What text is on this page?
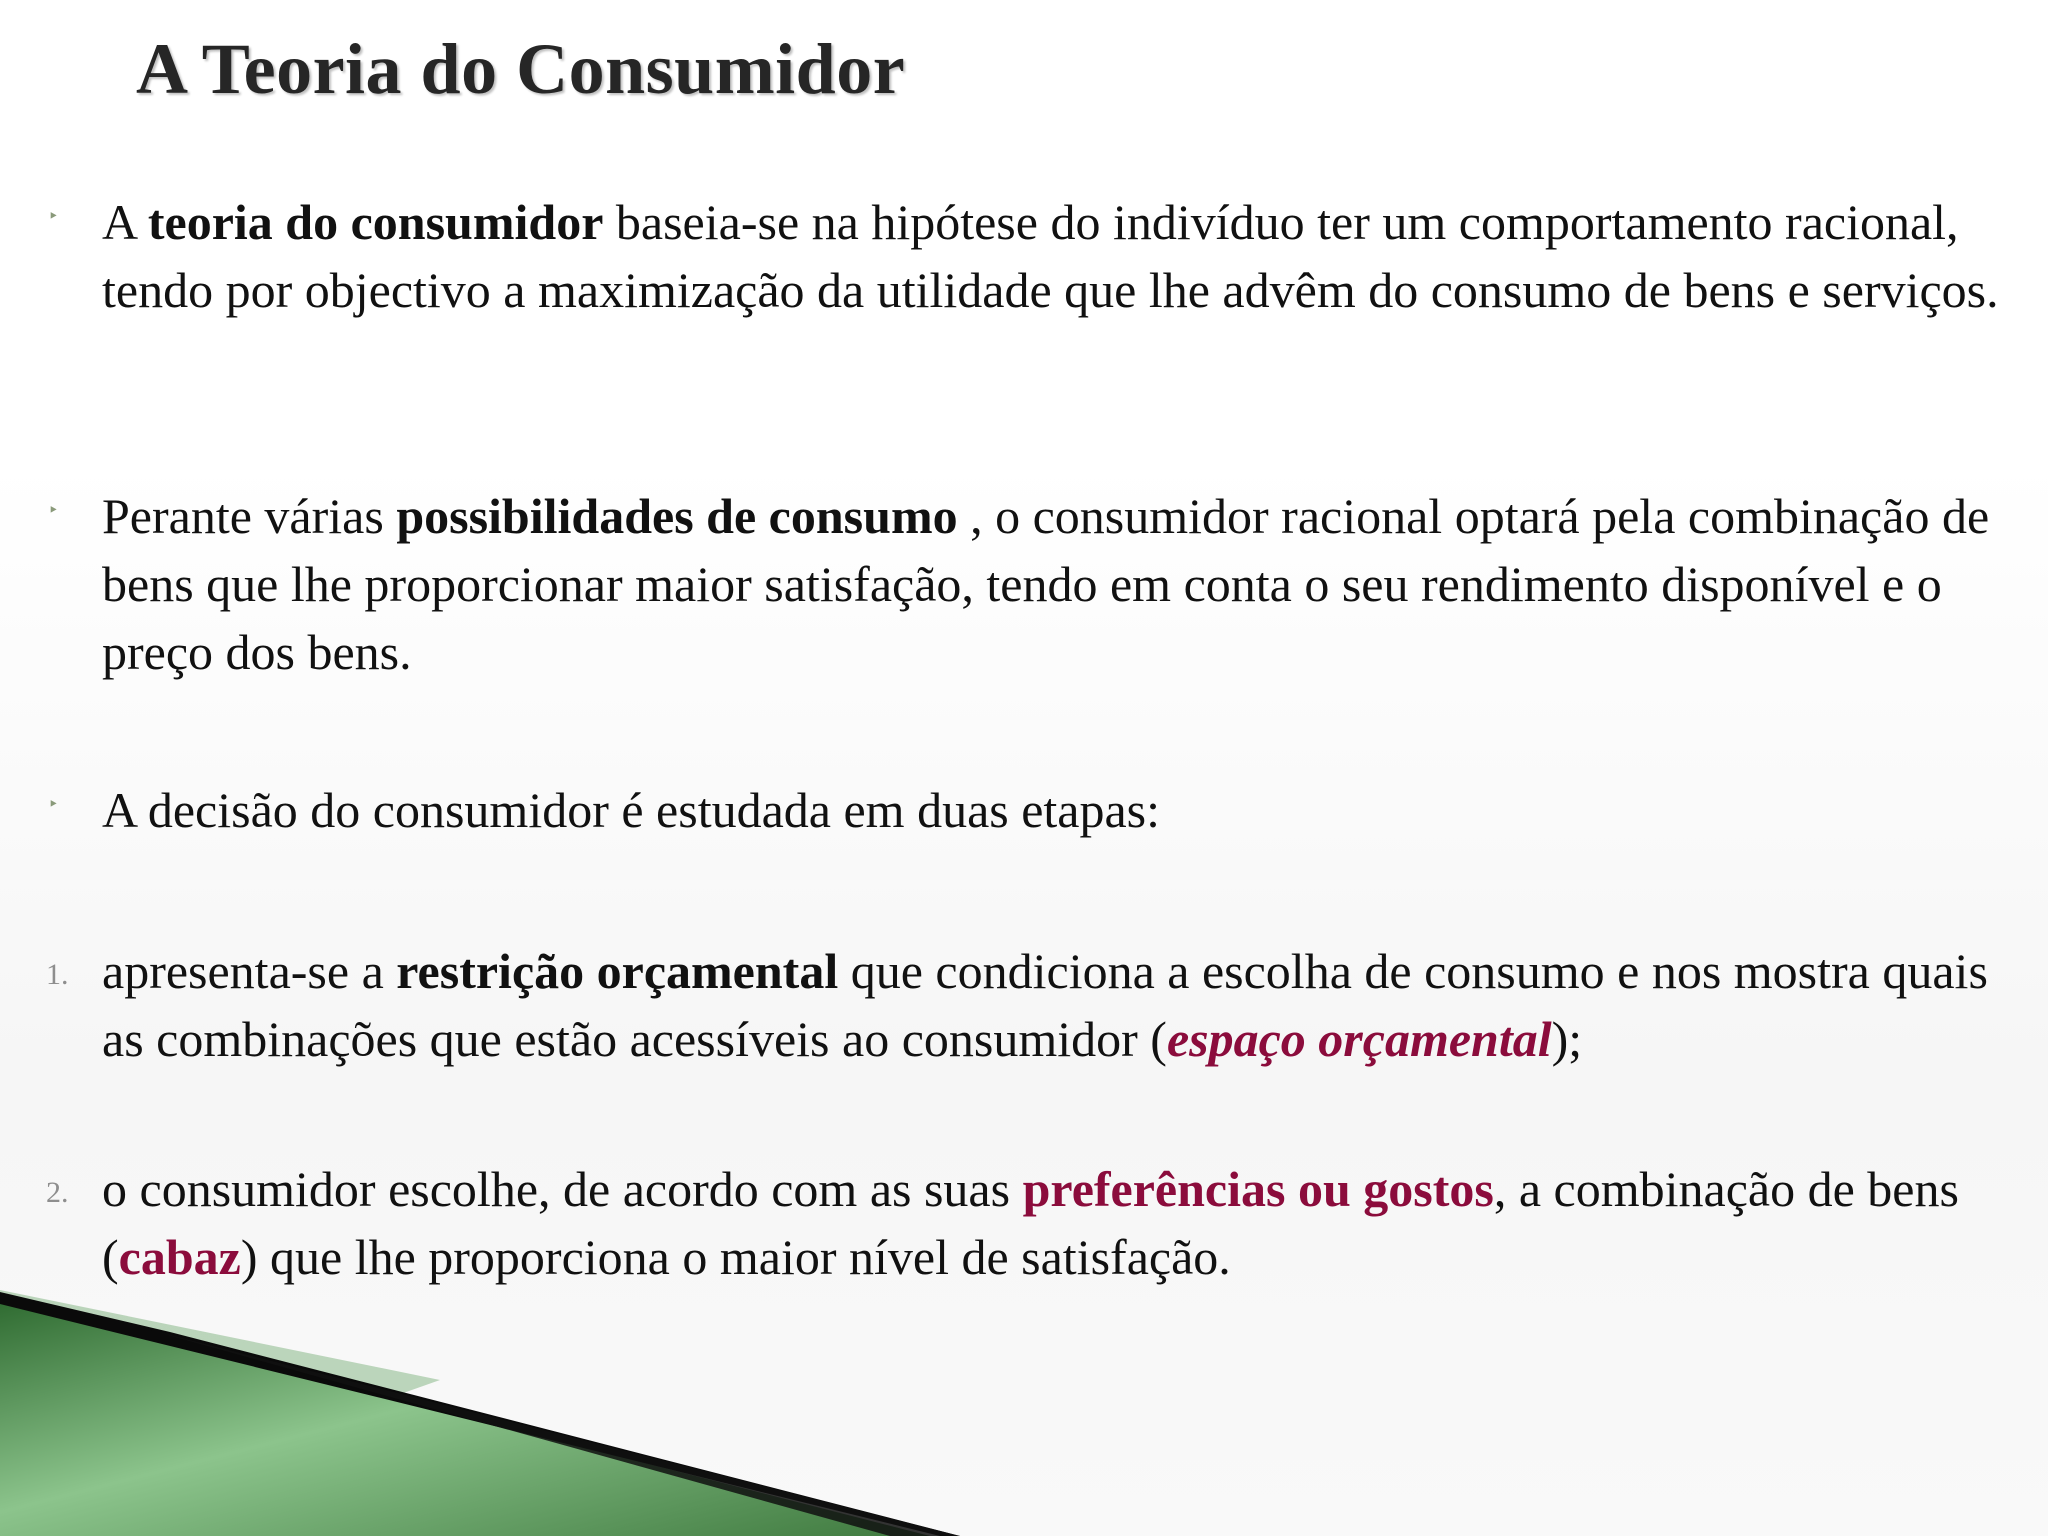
A Teoria do Consumidor
‣ A teoria do consumidor baseia-se na hipótese do indivíduo ter um comportamento racional, tendo por objectivo a maximização da utilidade que lhe advêm do consumo de bens e serviços.

‣ Perante várias possibilidades de consumo , o consumidor racional optará pela combinação de bens que lhe proporcionar maior satisfação, tendo em conta o seu rendimento disponível e o preço dos bens.

‣ A decisão do consumidor é estudada em duas etapas:

1. apresenta-se a restrição orçamental que condiciona a escolha de consumo e nos mostra quais as combinações que estão acessíveis ao consumidor (espaço orçamental);

2. o consumidor escolhe, de acordo com as suas preferências ou gostos, a combinação de bens (cabaz) que lhe proporciona o maior nível de satisfação.
